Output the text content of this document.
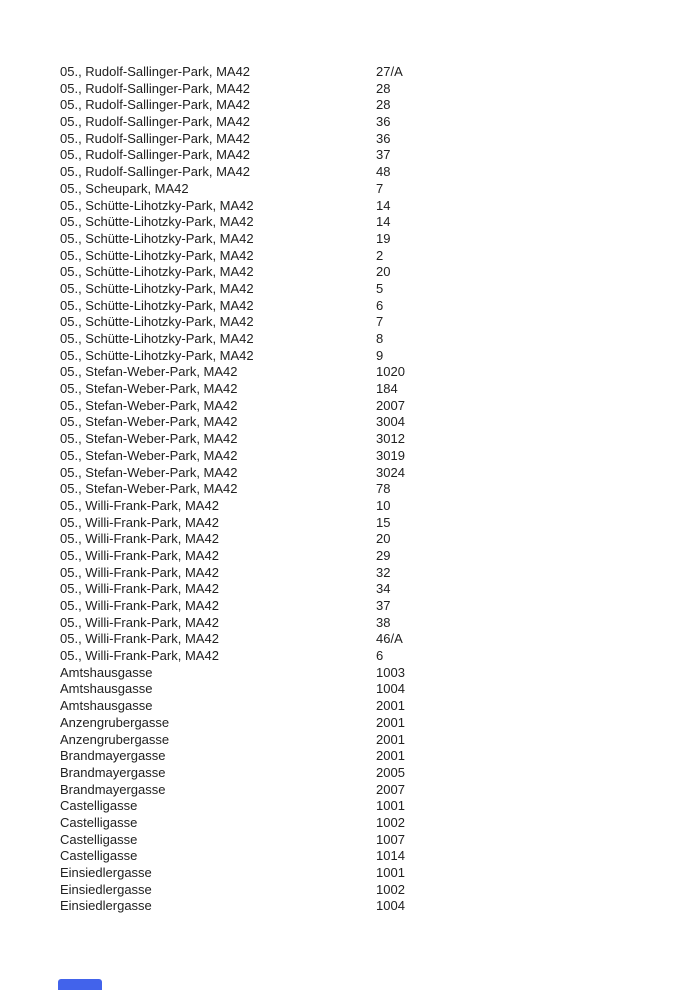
05., Rudolf-Sallinger-Park, MA42	27/A
05., Rudolf-Sallinger-Park, MA42	28
05., Rudolf-Sallinger-Park, MA42	28
05., Rudolf-Sallinger-Park, MA42	36
05., Rudolf-Sallinger-Park, MA42	36
05., Rudolf-Sallinger-Park, MA42	37
05., Rudolf-Sallinger-Park, MA42	48
05., Scheupark, MA42	7
05., Schütte-Lihotzky-Park, MA42	14
05., Schütte-Lihotzky-Park, MA42	14
05., Schütte-Lihotzky-Park, MA42	19
05., Schütte-Lihotzky-Park, MA42	2
05., Schütte-Lihotzky-Park, MA42	20
05., Schütte-Lihotzky-Park, MA42	5
05., Schütte-Lihotzky-Park, MA42	6
05., Schütte-Lihotzky-Park, MA42	7
05., Schütte-Lihotzky-Park, MA42	8
05., Schütte-Lihotzky-Park, MA42	9
05., Stefan-Weber-Park, MA42	1020
05., Stefan-Weber-Park, MA42	184
05., Stefan-Weber-Park, MA42	2007
05., Stefan-Weber-Park, MA42	3004
05., Stefan-Weber-Park, MA42	3012
05., Stefan-Weber-Park, MA42	3019
05., Stefan-Weber-Park, MA42	3024
05., Stefan-Weber-Park, MA42	78
05., Willi-Frank-Park, MA42	10
05., Willi-Frank-Park, MA42	15
05., Willi-Frank-Park, MA42	20
05., Willi-Frank-Park, MA42	29
05., Willi-Frank-Park, MA42	32
05., Willi-Frank-Park, MA42	34
05., Willi-Frank-Park, MA42	37
05., Willi-Frank-Park, MA42	38
05., Willi-Frank-Park, MA42	46/A
05., Willi-Frank-Park, MA42	6
Amtshausgasse	1003
Amtshausgasse	1004
Amtshausgasse	2001
Anzengrubergasse	2001
Anzengrubergasse	2001
Brandmayergasse	2001
Brandmayergasse	2005
Brandmayergasse	2007
Castelligasse	1001
Castelligasse	1002
Castelligasse	1007
Castelligasse	1014
Einsiedlergasse	1001
Einsiedlergasse	1002
Einsiedlergasse	1004
